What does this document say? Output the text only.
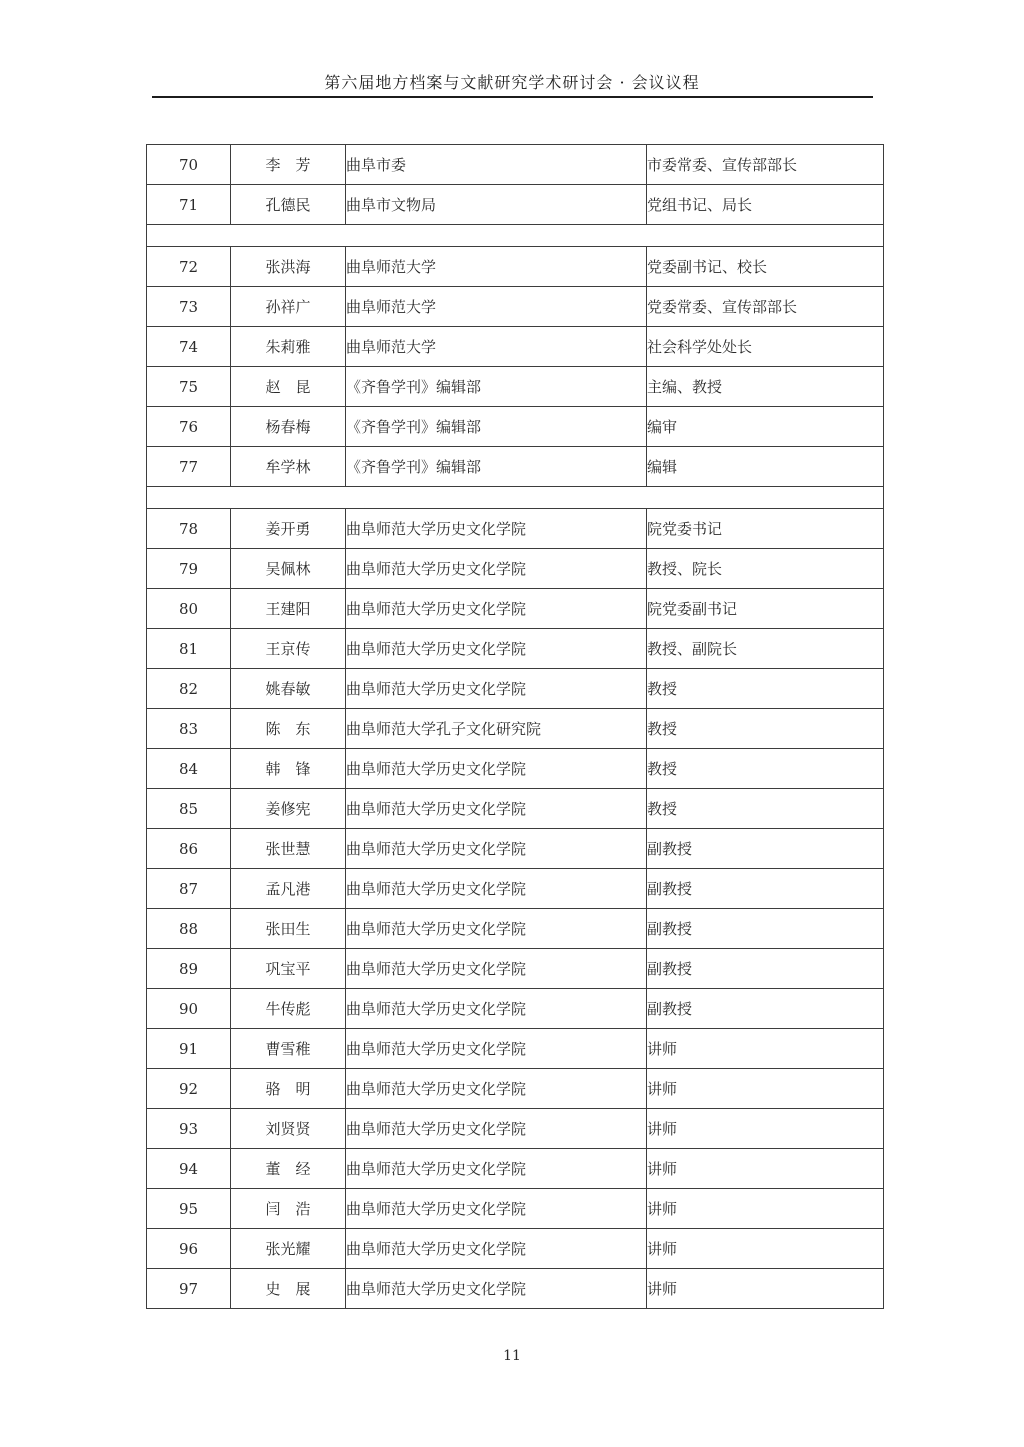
第六届地方档案与文献研究学术研讨会 · 会议议程
70	李　芳	曲阜市委	市委常委、宣传部部长
71	孔德民	曲阜市文物局	党组书记、局长

72	张洪海	曲阜师范大学	党委副书记、校长
73	孙祥广	曲阜师范大学	党委常委、宣传部部长
74	朱莉雅	曲阜师范大学	社会科学处处长
75	赵　昆	《齐鲁学刊》编辑部	主编、教授
76	杨春梅	《齐鲁学刊》编辑部	编审
77	牟学林	《齐鲁学刊》编辑部	编辑

78	姜开勇	曲阜师范大学历史文化学院	院党委书记
79	吴佩林	曲阜师范大学历史文化学院	教授、院长
80	王建阳	曲阜师范大学历史文化学院	院党委副书记
81	王京传	曲阜师范大学历史文化学院	教授、副院长
82	姚春敏	曲阜师范大学历史文化学院	教授
83	陈　东	曲阜师范大学孔子文化研究院	教授
84	韩　锋	曲阜师范大学历史文化学院	教授
85	姜修宪	曲阜师范大学历史文化学院	教授
86	张世慧	曲阜师范大学历史文化学院	副教授
87	孟凡港	曲阜师范大学历史文化学院	副教授
88	张田生	曲阜师范大学历史文化学院	副教授
89	巩宝平	曲阜师范大学历史文化学院	副教授
90	牛传彪	曲阜师范大学历史文化学院	副教授
91	曹雪稚	曲阜师范大学历史文化学院	讲师
92	骆　明	曲阜师范大学历史文化学院	讲师
93	刘贤贤	曲阜师范大学历史文化学院	讲师
94	董　经	曲阜师范大学历史文化学院	讲师
95	闫　浩	曲阜师范大学历史文化学院	讲师
96	张光耀	曲阜师范大学历史文化学院	讲师
97	史　展	曲阜师范大学历史文化学院	讲师
11
